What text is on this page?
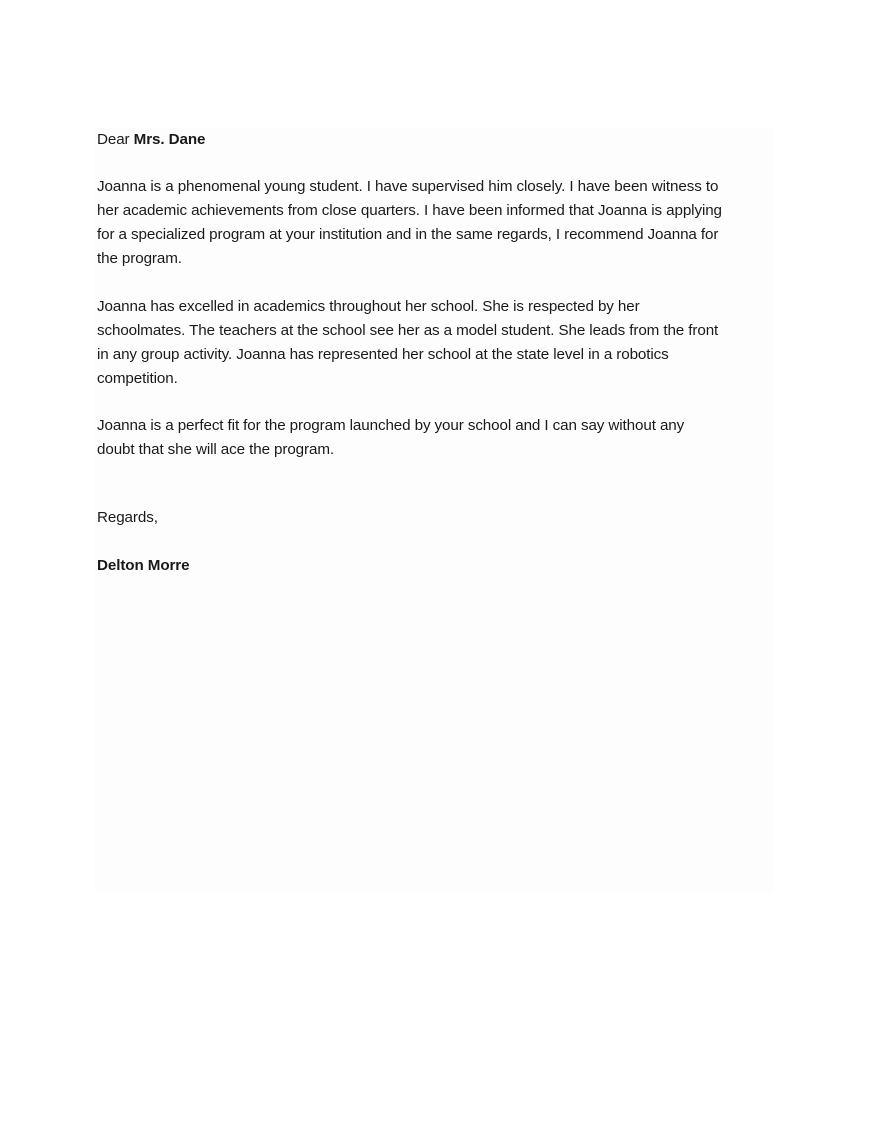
Dear Mrs. Dane

Joanna is a phenomenal young student. I have supervised him closely. I have been witness to
her academic achievements from close quarters. I have been informed that Joanna is applying
for a specialized program at your institution and in the same regards, I recommend Joanna for
the program.

Joanna has excelled in academics throughout her school. She is respected by her
schoolmates. The teachers at the school see her as a model student. She leads from the front
in any group activity. Joanna has represented her school at the state level in a robotics
competition.

Joanna is a perfect fit for the program launched by your school and I can say without any
doubt that she will ace the program.

Regards,

Delton Morre
